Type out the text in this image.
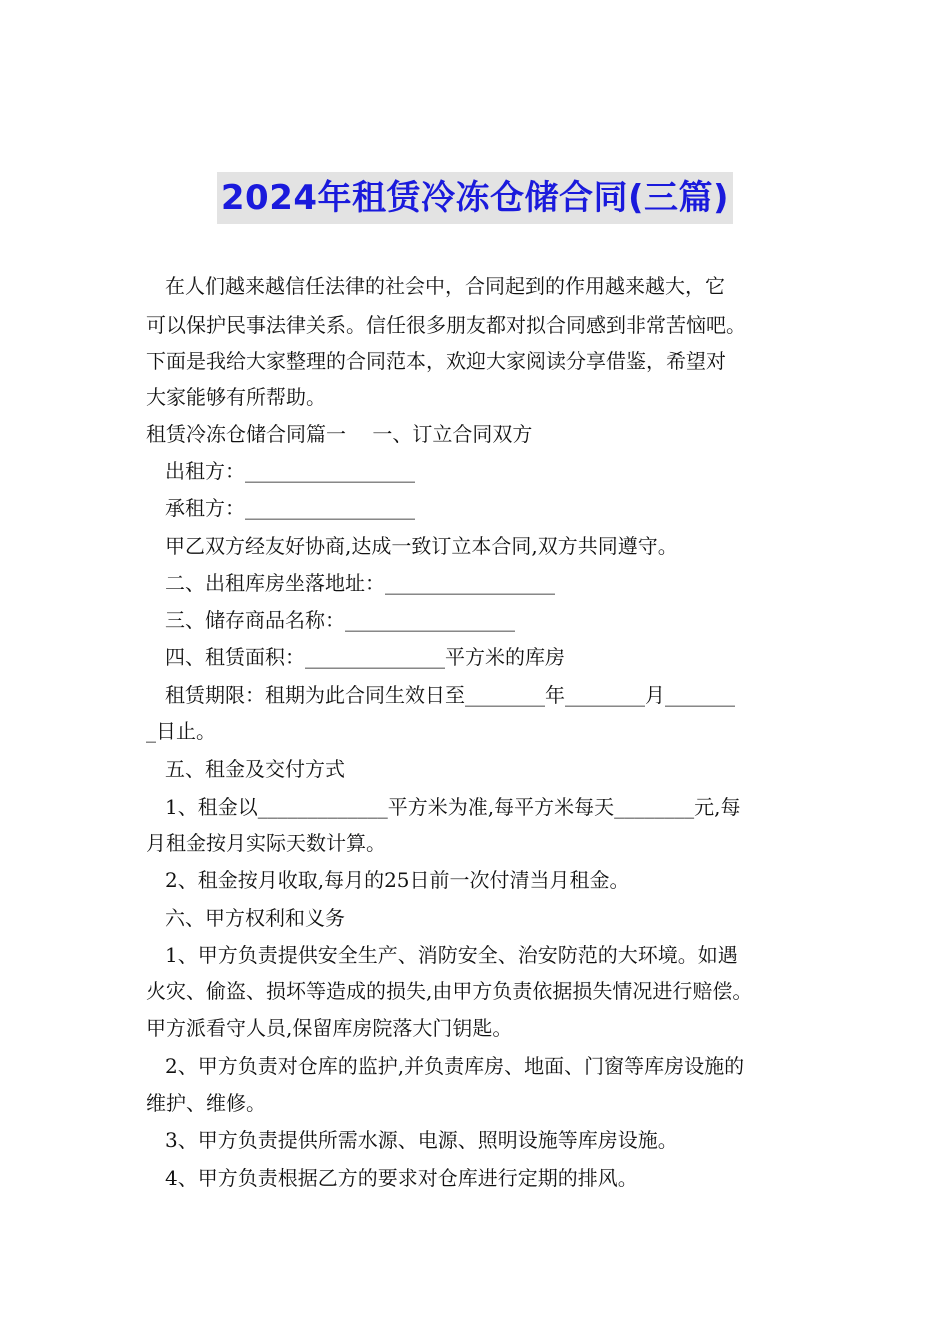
2024年租赁冷冻仓储合同(三篇)
在人们越来越信任法律的社会中，合同起到的作用越来越大，它
可以保护民事法律关系。信任很多朋友都对拟合同感到非常苦恼吧。
下面是我给大家整理的合同范本，欢迎大家阅读分享借鉴，希望对
大家能够有所帮助。
租赁冷冻仓储合同篇一　 一、订立合同双方
出租方：_________________
承租方：_________________
甲乙双方经友好协商,达成一致订立本合同,双方共同遵守。
二、出租库房坐落地址：_________________
三、储存商品名称：_________________
四、租赁面积：______________平方米的库房
租赁期限：租期为此合同生效日至________年________月_______
_日止。
五、租金及交付方式
1、租金以_____________平方米为准,每平方米每天________元,每
月租金按月实际天数计算。
2、租金按月收取,每月的25日前一次付清当月租金。
六、甲方权利和义务
1、甲方负责提供安全生产、消防安全、治安防范的大环境。如遇
火灾、偷盗、损坏等造成的损失,由甲方负责依据损失情况进行赔偿。
甲方派看守人员,保留库房院落大门钥匙。
2、甲方负责对仓库的监护,并负责库房、地面、门窗等库房设施的
维护、维修。
3、甲方负责提供所需水源、电源、照明设施等库房设施。
4、甲方负责根据乙方的要求对仓库进行定期的排风。
